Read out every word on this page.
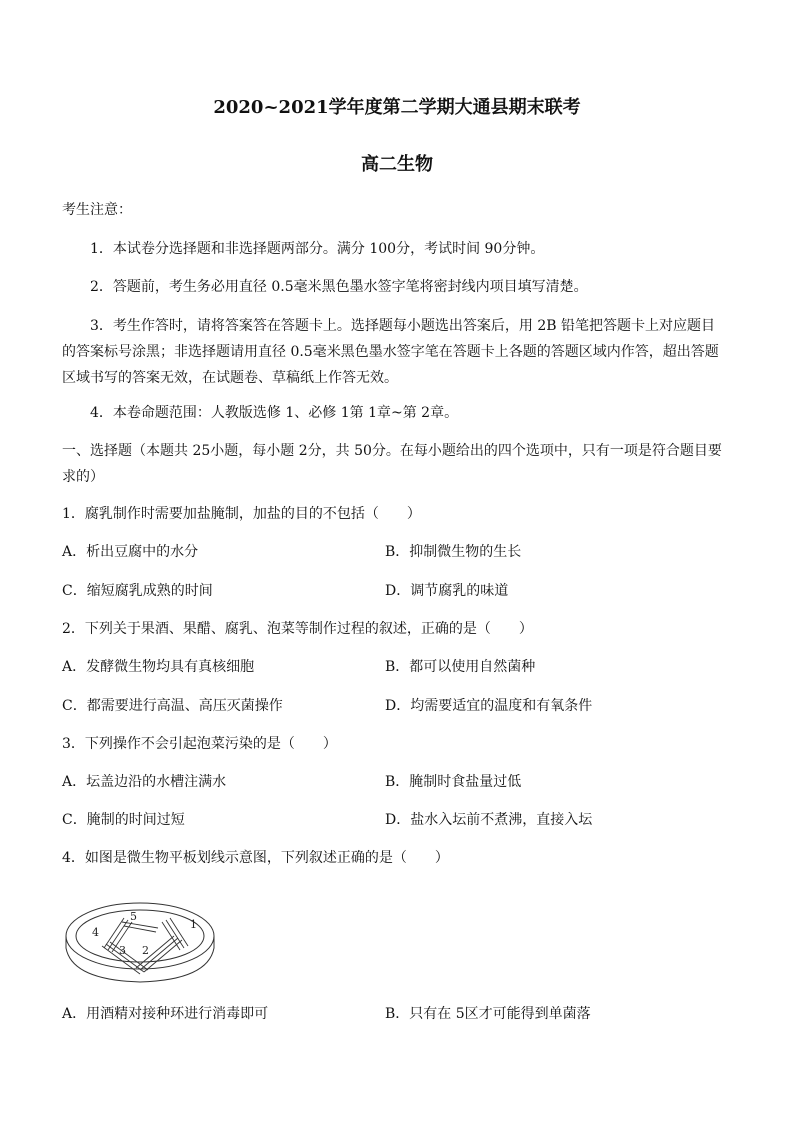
2020~2021学年度第二学期大通县期末联考
高二生物
考生注意：
1．本试卷分选择题和非选择题两部分。满分 100分，考试时间 90分钟。
2．答题前，考生务必用直径 0.5毫米黑色墨水签字笔将密封线内项目填写清楚。
3．考生作答时，请将答案答在答题卡上。选择题每小题选出答案后，用 2B 铅笔把答题卡上对应题目的答案标号涂黑；非选择题请用直径 0.5毫米黑色墨水签字笔在答题卡上各题的答题区域内作答，超出答题区域书写的答案无效，在试题卷、草稿纸上作答无效。
4．本卷命题范围：人教版选修 1、必修 1第 1章~第 2章。
一、选择题（本题共 25小题，每小题 2分，共 50分。在每小题给出的四个选项中，只有一项是符合题目要求的）
1．腐乳制作时需要加盐腌制，加盐的目的不包括（　　）
A．析出豆腐中的水分	B．抑制微生物的生长
C．缩短腐乳成熟的时间	D．调节腐乳的味道
2．下列关于果酒、果醋、腐乳、泡菜等制作过程的叙述，正确的是（　　）
A．发酵微生物均具有真核细胞	B．都可以使用自然菌种
C．都需要进行高温、高压灭菌操作	D．均需要适宜的温度和有氧条件
3．下列操作不会引起泡菜污染的是（　　）
A．坛盖边沿的水槽注满水	B．腌制时食盐量过低
C．腌制的时间过短	D．盐水入坛前不煮沸，直接入坛
4．如图是微生物平板划线示意图，下列叙述正确的是（　　）
1
2
3
4
5
A．用酒精对接种环进行消毒即可	B．只有在 5区才可能得到单菌落
